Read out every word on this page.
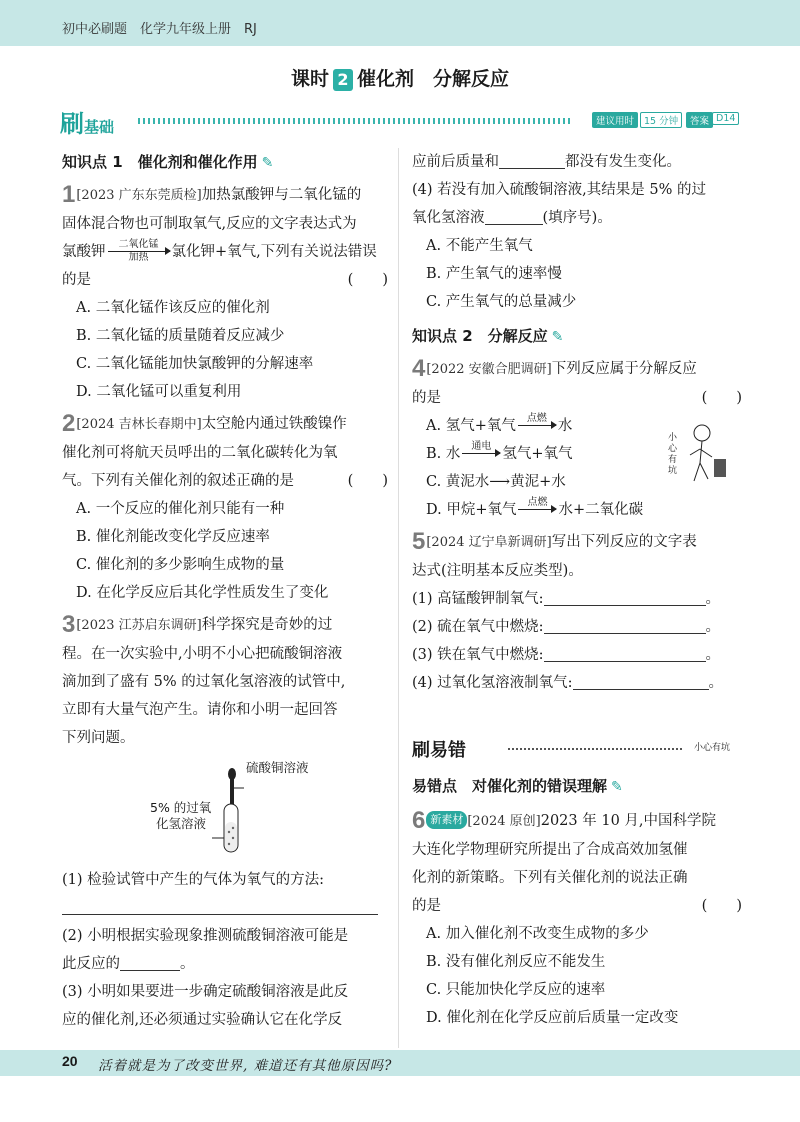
初中必刷题　化学九年级上册　RJ
课时 2 催化剂　分解反应
刷基础	建议用时	15 分钟	答案 D14
知识点 1　催化剂和催化作用 ✎
1[2023 广东东莞质检]加热氯酸钾与二氧化锰的
固体混合物也可制取氧气,反应的文字表达式为
氯酸钾	二氧化锰
加热	氯化钾+氧气,下列有关说法错误
的是	(　　)
A. 二氧化锰作该反应的催化剂
B. 二氧化锰的质量随着反应减少
C. 二氧化锰能加快氯酸钾的分解速率
D. 二氧化锰可以重复利用
2[2024 吉林长春期中]太空舱内通过铁酸镍作
催化剂可将航天员呼出的二氧化碳转化为氧
气。下列有关催化剂的叙述正确的是	(　　)
A. 一个反应的催化剂只能有一种
B. 催化剂能改变化学反应速率
C. 催化剂的多少影响生成物的量
D. 在化学反应后其化学性质发生了变化
3[2023 江苏启东调研]科学探究是奇妙的过
程。在一次实验中,小明不小心把硫酸铜溶液
滴加到了盛有 5% 的过氧化氢溶液的试管中,
立即有大量气泡产生。请你和小明一起回答
下列问题。
硫酸铜溶液
5% 的过氧
化氢溶液
(1) 检验试管中产生的气体为氧气的方法:
(2) 小明根据实验现象推测硫酸铜溶液可能是
此反应的	。
(3) 小明如果要进一步确定硫酸铜溶液是此反
应的催化剂,还必须通过实验确认它在化学反
应前后质量和	都没有发生变化。
(4) 若没有加入硫酸铜溶液,其结果是 5% 的过
氧化氢溶液	(填序号)。
A. 不能产生氧气
B. 产生氧气的速率慢
C. 产生氧气的总量减少
知识点 2　分解反应 ✎
4[2022 安徽合肥调研]下列反应属于分解反应
的是	(　　)
A. 氢气+氧气	点燃 水
B. 水	通电 氢气+氧气
C. 黄泥水⟶黄泥+水
D. 甲烷+氧气	点燃 水+二氧化碳
小心有坑
5[2024 辽宁阜新调研]写出下列反应的文字表
达式(注明基本反应类型)。
(1) 高锰酸钾制氧气:	。
(2) 硫在氧气中燃烧:	。
(3) 铁在氧气中燃烧:	。
(4) 过氧化氢溶液制氧气:	。
刷易错	小心有坑
易错点　对催化剂的错误理解 ✎
6 新素材 [2024 原创]2023 年 10 月,中国科学院
大连化学物理研究所提出了合成高效加氢催
化剂的新策略。下列有关催化剂的说法正确
的是	(　　)
A. 加入催化剂不改变生成物的多少
B. 没有催化剂反应不能发生
C. 只能加快化学反应的速率
D. 催化剂在化学反应前后质量一定改变
20 活着就是为了改变世界, 难道还有其他原因吗?
